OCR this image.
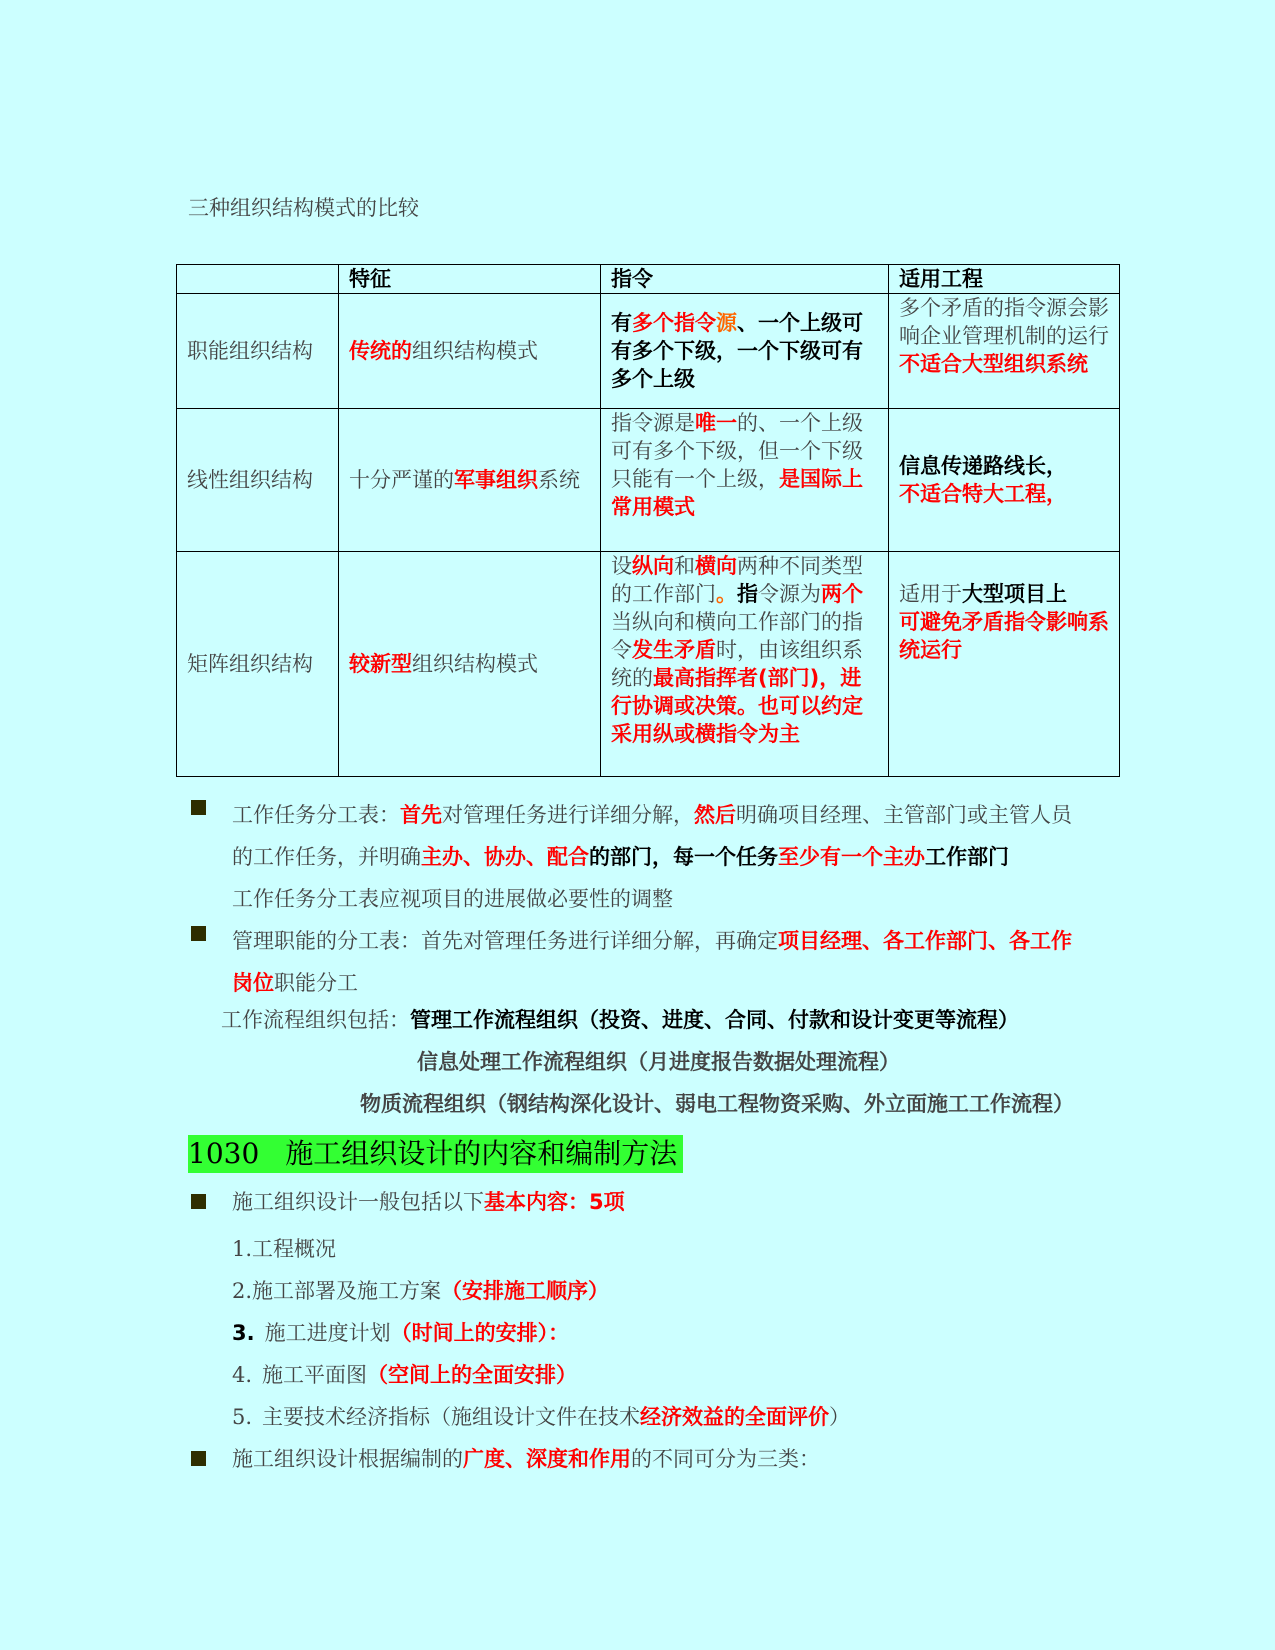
三种组织结构模式的比较
	特征	指令	适用工程
职能组织结构	传统的组织结构模式	有多个指令源、一个上级可有多个下级，一个下级可有多个上级	多个矛盾的指令源会影响企业管理机制的运行不适合大型组织系统
线性组织结构	十分严谨的军事组织系统	指令源是唯一的、一个上级可有多个下级，但一个下级只能有一个上级，是国际上常用模式	信息传递路线长，
不适合特大工程，
矩阵组织结构	较新型组织结构模式	设纵向和横向两种不同类型的工作部门。指令源为两个当纵向和横向工作部门的指令发生矛盾时，由该组织系统的最高指挥者(部门)，进行协调或决策。也可以约定采用纵或横指令为主	适用于大型项目上
可避免矛盾指令影响系统运行
工作任务分工表：首先对管理任务进行详细分解，然后明确项目经理、主管部门或主管人员的工作任务，并明确主办、协办、配合的部门，每一个任务至少有一个主办工作部门
工作任务分工表应视项目的进展做必要性的调整
管理职能的分工表：首先对管理任务进行详细分解，再确定项目经理、各工作部门、各工作岗位职能分工
工作流程组织包括：管理工作流程组织（投资、进度、合同、付款和设计变更等流程）
信息处理工作流程组织（月进度报告数据处理流程）
物质流程组织（钢结构深化设计、弱电工程物资采购、外立面施工工作流程）
1030 施工组织设计的内容和编制方法
施工组织设计一般包括以下基本内容：5项
1.工程概况
2.施工部署及施工方案（安排施工顺序）
3. 施工进度计划（时间上的安排）：
4. 施工平面图（空间上的全面安排）
5. 主要技术经济指标（施组设计文件在技术经济效益的全面评价）
施工组织设计根据编制的广度、深度和作用的不同可分为三类：
